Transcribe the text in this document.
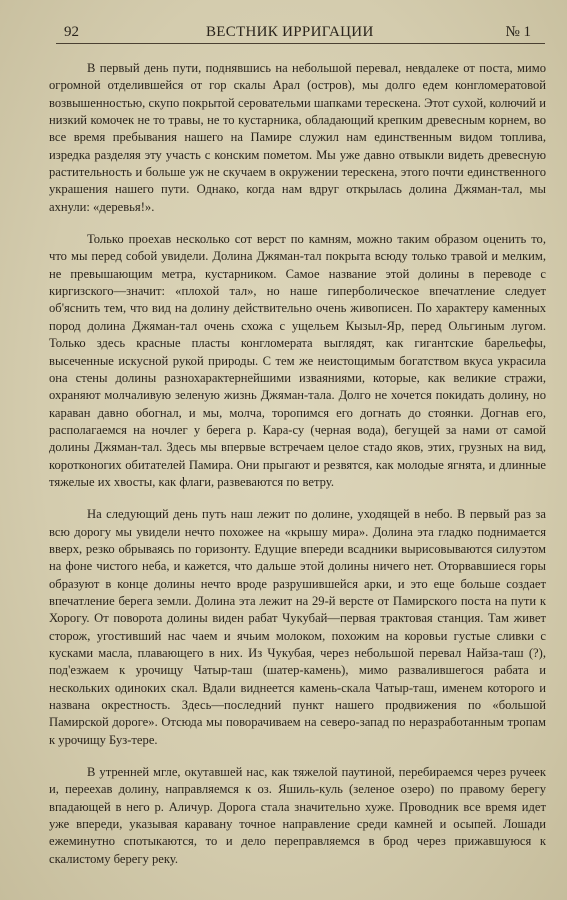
92	ВЕСТНИК ИРРИГАЦИИ	№ 1

В первый день пути, поднявшись на небольшой перевал, невдалеке от поста, мимо огромной отделившейся от гор скалы Арал (остров), мы долго едем конгломератовой возвышенностью, скупо покрытой серовательми шапками терескена. Этот сухой, колючий и низкий комочек не то травы, не то кустарника, обладающий крепким древесным корнем, во все время пребывания нашего на Памире служил нам единственным видом топлива, изредка разделяя эту участь с конским пометом. Мы уже давно отвыкли видеть древесную растительность и больше уж не скучаем в окружении терескена, этого почти единственного украшения нашего пути. Однако, когда нам вдруг открылась долина Джяман-тал, мы ахнули: «деревья!».

Только проехав несколько сот верст по камням, можно таким образом оценить то, что мы перед собой увидели. Долина Джяман-тал покрыта всюду только травой и мелким, не превышающим метра, кустарником. Самое название этой долины в переводе с киргизского—значит: «плохой тал», но наше гиперболическое впечатление следует об'яснить тем, что вид на долину действительно очень живописен. По характеру каменных пород долина Джяман-тал очень схожа с ущельем Кызыл-Яр, перед Ольгиным лугом. Только здесь красные пласты конгломерата выглядят, как гигантские барельефы, высеченные искусной рукой природы. С тем же неистощимым богатством вкуса украсила она стены долины разнохарактернейшими изваяниями, которые, как великие стражи, охраняют молчаливую зеленую жизнь Джяман-тала. Долго не хочется покидать долину, но караван давно обогнал, и мы, молча, торопимся его догнать до стоянки. Догнав его, располагаемся на ночлег у берега р. Кара-су (черная вода), бегущей за нами от самой долины Джяман-тал. Здесь мы впервые встречаем целое стадо яков, этих, грузных на вид, коротконогих обитателей Памира. Они прыгают и резвятся, как молодые ягнята, и длинные тяжелые их хвосты, как флаги, развеваются по ветру.

На следующий день путь наш лежит по долине, уходящей в небо. В первый раз за всю дорогу мы увидели нечто похожее на «крышу мира». Долина эта гладко поднимается вверх, резко обрываясь по горизонту. Едущие впереди всадники вырисовываются силуэтом на фоне чистого неба, и кажется, что дальше этой долины ничего нет. Оторвавшиеся горы образуют в конце долины нечто вроде разрушившейся арки, и это еще больше создает впечатление берега земли. Долина эта лежит на 29-й версте от Памирского поста на пути к Хорогу. От поворота долины виден рабат Чукубай—первая трактовая станция. Там живет сторож, угостивший нас чаем и ячьим молоком, похожим на коровьи густые сливки с кусками масла, плавающего в них. Из Чукубая, через небольшой перевал Найза-таш (?), под'езжаем к урочищу Чатыр-таш (шатер-камень), мимо развалившегося рабата и нескольких одиноких скал. Вдали виднеется камень-скала Чатыр-таш, именем которого и названа окрестность. Здесь—последний пункт нашего продвижения по «большой Памирской дороге». Отсюда мы поворачиваем на северо-запад по неразработанным тропам к урочищу Буз-тере.

В утренней мгле, окутавшей нас, как тяжелой паутиной, перебираемся через ручеек и, переехав долину, направляемся к оз. Яшиль-куль (зеленое озеро) по правому берегу впадающей в него р. Аличур. Дорога стала значительно хуже. Проводник все время идет уже впереди, указывая каравану точное направление среди камней и осыпей. Лошади ежеминутно спотыкаются, то и дело переправляемся в брод через прижавшуюся к скалистому берегу реку.
